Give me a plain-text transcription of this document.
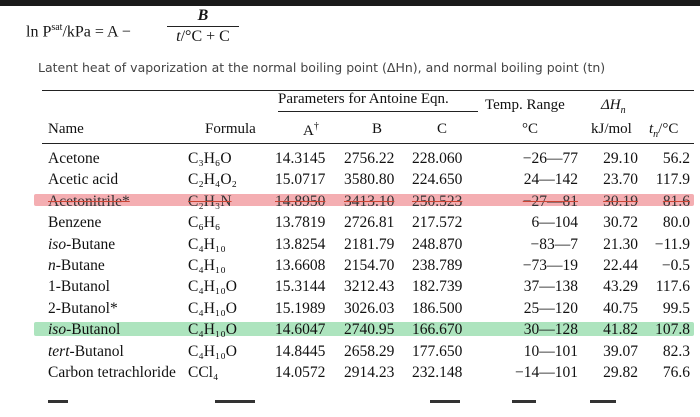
$\ln P^{sat}$/kPa = A −
B
t/°C + C
Latent heat of vaporization at the normal boiling point (ΔHn), and normal boiling point (tn)
Parameters for Antoine Eqn. Temp. Range $\Delta H_n$
Name	Formula	A†	B	C	°C	kJ/mol $t_n/^\circ C$
Acetone	C₃H₆O	14.3145 2756.22 228.060	−26—77 29.10 56.2
Acetic acid	C₂H₄O₂ 15.0717 3580.80 224.650	24—142 23.70 117.9
Acetonitrile*	C₂H₃N	14.8950 3413.10 250.523	−27—81 30.19 81.6
Benzene	C₆H₆	13.7819 2726.81 217.572	6—104 30.72 80.0
iso-Butane	C₄H₁₀	13.8254 2181.79 248.870	−83—7 21.30 −11.9
n-Butane	C₄H₁₀	13.6608 2154.70 238.789	−73—19 22.44 −0.5
1-Butanol	C₄H₁₀O 15.3144 3212.43 182.739	37—138 43.29 117.6
2-Butanol*	C₄H₁₀O 15.1989 3026.03 186.500	25—120 40.75 99.5
iso-Butanol	C₄H₁₀O 14.6047 2740.95 166.670	30—128 41.82 107.8
tert-Butanol	C₄H₁₀O 14.8445 2658.29 177.650	10—101 39.07 82.3
Carbon tetrachloride CCl₄	14.0572 2914.23 232.148	−14—101 29.82 76.6
